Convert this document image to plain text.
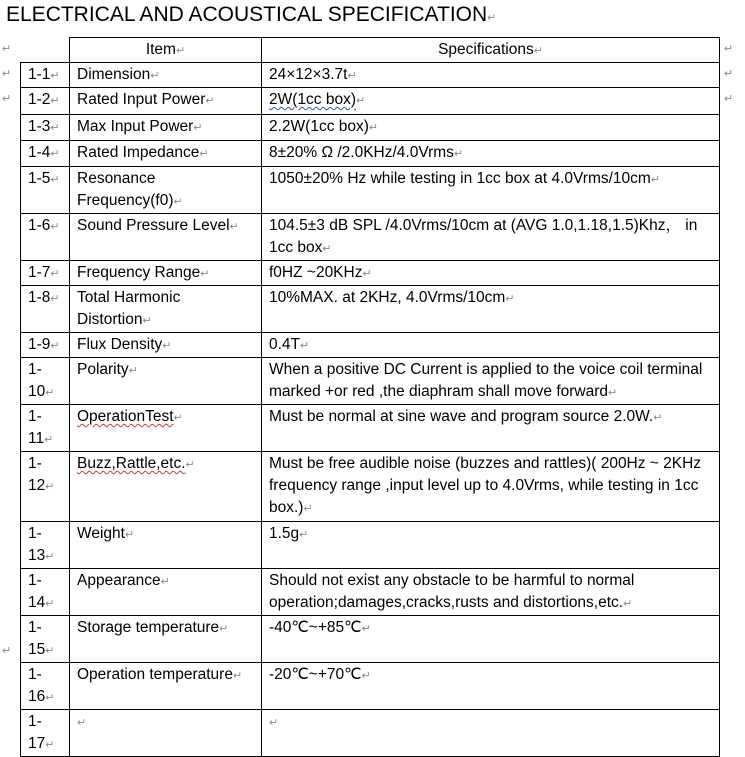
ELECTRICAL AND ACOUSTICAL SPECIFICATION↵
↵
↵
↵
↵
↵
↵
↵
	Item↵	Specifications↵
1-1↵	Dimension↵	24×12×3.7t↵
1-2↵	Rated Input Power↵	2W(1cc box)↵
1-3↵	Max Input Power↵	2.2W(1cc box)↵
1-4↵	Rated Impedance↵	8±20% Ω /2.0KHz/4.0Vrms↵
1-5↵	Resonance Frequency(f0)↵	1050±20% Hz while testing in 1cc box at 4.0Vrms/10cm↵
1-6↵	Sound Pressure Level↵	104.5±3 dB SPL /4.0Vrms/10cm at (AVG 1.0,1.18,1.5)Khz， in 1cc box↵
1-7↵	Frequency Range↵	f0HZ ~20KHz↵
1-8↵	Total Harmonic Distortion↵	10%MAX. at 2KHz, 4.0Vrms/10cm↵
1-9↵	Flux Density↵	0.4T↵
1-10↵	Polarity↵	When a positive DC Current is applied to the voice coil terminal marked +or red ,the diaphram shall move forward↵
1-11↵	OperationTest↵	Must be normal at sine wave and program source 2.0W.↵
1-12↵	Buzz,Rattle,etc.↵	Must be free audible noise (buzzes and rattles)( 200Hz ~ 2KHz frequency range ,input level up to 4.0Vrms, while testing in 1cc box.)↵
1-13↵	Weight↵	1.5g↵
1-14↵	Appearance↵	Should not exist any obstacle to be harmful to normal operation;damages,cracks,rusts and distortions,etc.↵
1-15↵	Storage temperature↵	-40℃~+85℃↵
1-16↵	Operation temperature↵	-20℃~+70℃↵
1-17↵	↵	↵
